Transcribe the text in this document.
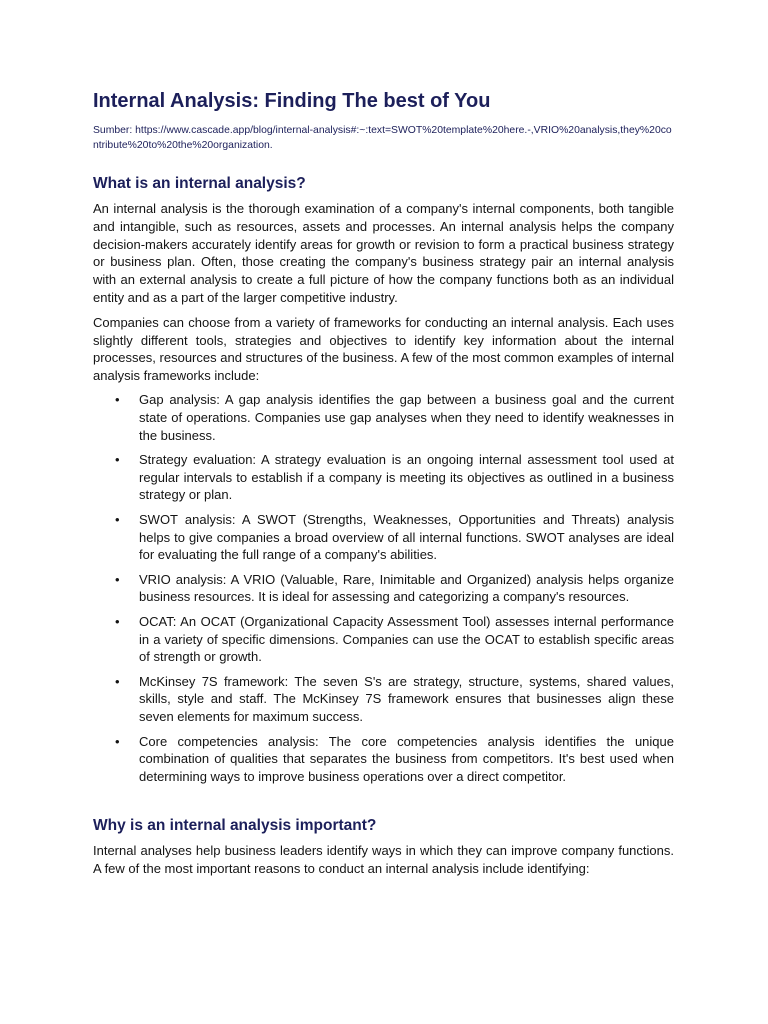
Internal Analysis: Finding The best of You
Sumber: https://www.cascade.app/blog/internal-analysis#:~:text=SWOT%20template%20here.-,VRIO%20analysis,they%20contribute%20to%20the%20organization.
What is an internal analysis?

An internal analysis is the thorough examination of a company's internal components, both tangible and intangible, such as resources, assets and processes. An internal analysis helps the company decision-makers accurately identify areas for growth or revision to form a practical business strategy or business plan. Often, those creating the company's business strategy pair an internal analysis with an external analysis to create a full picture of how the company functions both as an individual entity and as a part of the larger competitive industry.

Companies can choose from a variety of frameworks for conducting an internal analysis. Each uses slightly different tools, strategies and objectives to identify key information about the internal processes, resources and structures of the business. A few of the most common examples of internal analysis frameworks include:

• Gap analysis: A gap analysis identifies the gap between a business goal and the current state of operations. Companies use gap analyses when they need to identify weaknesses in the business.
• Strategy evaluation: A strategy evaluation is an ongoing internal assessment tool used at regular intervals to establish if a company is meeting its objectives as outlined in a business strategy or plan.
• SWOT analysis: A SWOT (Strengths, Weaknesses, Opportunities and Threats) analysis helps to give companies a broad overview of all internal functions. SWOT analyses are ideal for evaluating the full range of a company's abilities.
• VRIO analysis: A VRIO (Valuable, Rare, Inimitable and Organized) analysis helps organize business resources. It is ideal for assessing and categorizing a company's resources.
• OCAT: An OCAT (Organizational Capacity Assessment Tool) assesses internal performance in a variety of specific dimensions. Companies can use the OCAT to establish specific areas of strength or growth.
• McKinsey 7S framework: The seven S's are strategy, structure, systems, shared values, skills, style and staff. The McKinsey 7S framework ensures that businesses align these seven elements for maximum success.
• Core competencies analysis: The core competencies analysis identifies the unique combination of qualities that separates the business from competitors. It's best used when determining ways to improve business operations over a direct competitor.
Why is an internal analysis important?

Internal analyses help business leaders identify ways in which they can improve company functions. A few of the most important reasons to conduct an internal analysis include identifying:
